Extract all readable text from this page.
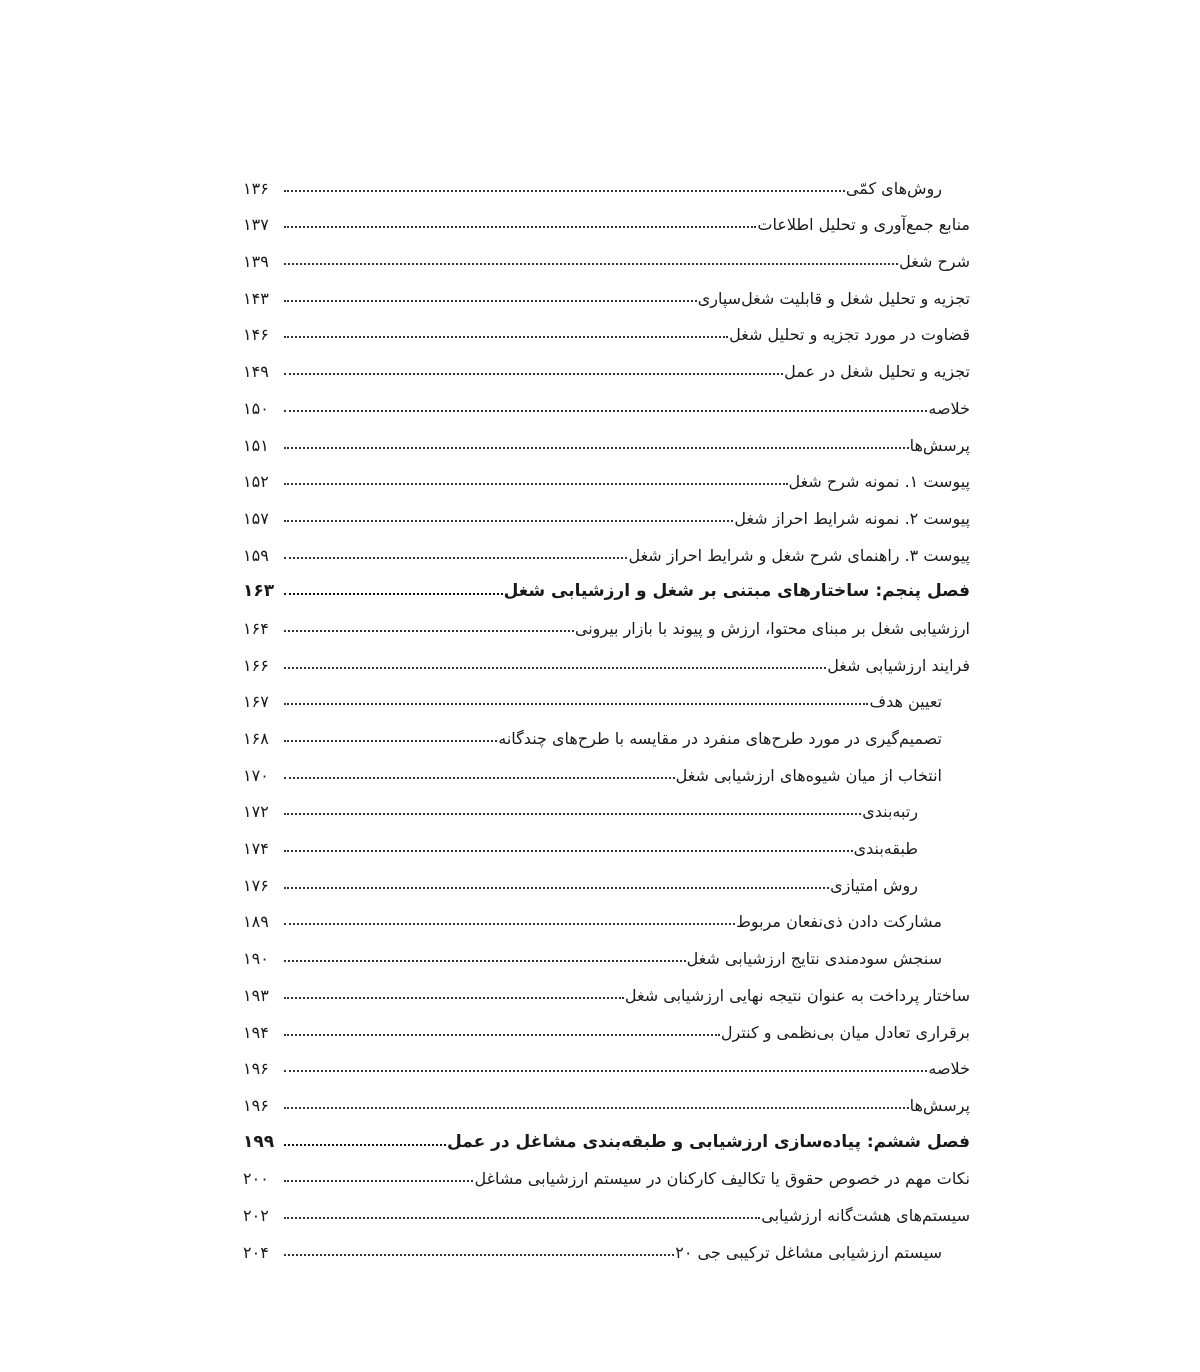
روش‌های کمّی
۱۳۶
منابع جمع‌آوری و تحلیل اطلاعات
۱۳۷
شرح شغل
۱۳۹
تجزیه و تحلیل شغل و قابلیت شغل‌سپاری
۱۴۳
قضاوت در مورد تجزیه و تحلیل شغل
۱۴۶
تجزیه و تحلیل شغل در عمل
۱۴۹
خلاصه
۱۵۰
پرسش‌ها
۱۵۱
پیوست ۱. نمونه شرح شغل
۱۵۲
پیوست ۲. نمونه شرایط احراز شغل
۱۵۷
پیوست ۳. راهنمای شرح شغل و شرایط احراز شغل
۱۵۹
فصل پنجم: ساختارهای مبتنی بر شغل و ارزشیابی شغل
۱۶۳
ارزشیابی شغل بر مبنای محتوا، ارزش و پیوند با بازار بیرونی
۱۶۴
فرایند ارزشیابی شغل
۱۶۶
تعیین هدف
۱۶۷
تصمیم‌گیری در مورد طرح‌های منفرد در مقایسه با طرح‌های چندگانه
۱۶۸
انتخاب از میان شیوه‌های ارزشیابی شغل
۱۷۰
رتبه‌بندی
۱۷۲
طبقه‌بندی
۱۷۴
روش امتیازی
۱۷۶
مشارکت دادن ذی‌نفعان مربوط
۱۸۹
سنجش سودمندی نتایج ارزشیابی شغل
۱۹۰
ساختار پرداخت به عنوان نتیجه نهایی ارزشیابی شغل
۱۹۳
برقراری تعادل میان بی‌نظمی و کنترل
۱۹۴
خلاصه
۱۹۶
پرسش‌ها
۱۹۶
فصل ششم: پیاده‌سازی ارزشیابی و طبقه‌بندی مشاغل در عمل
۱۹۹
نکات مهم در خصوص حقوق یا تکالیف کارکنان در سیستم ارزشیابی مشاغل
۲۰۰
سیستم‌های هشت‌گانه ارزشیابی
۲۰۲
سیستم ارزشیابی مشاغل ترکیبی جی ۲۰
۲۰۴
